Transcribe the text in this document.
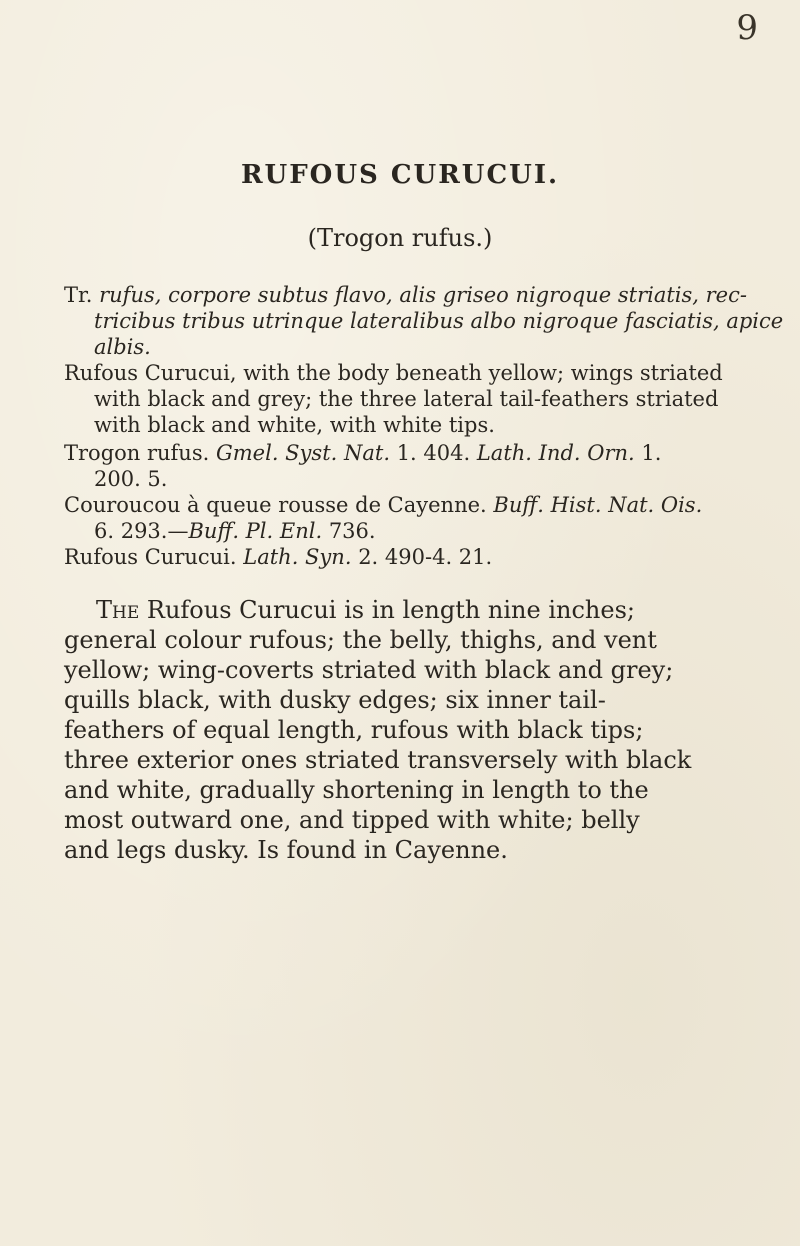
9
RUFOUS CURUCUI.
(Trogon rufus.)
Tr. rufus, corpore subtus flavo, alis griseo nigroque striatis, rec-
tricibus tribus utrinque lateralibus albo nigroque fasciatis, apice
albis.
Rufous Curucui, with the body beneath yellow; wings striated
with black and grey; the three lateral tail-feathers striated
with black and white, with white tips.
Trogon rufus. Gmel. Syst. Nat. 1. 404. Lath. Ind. Orn. 1.
200. 5.
Couroucou à queue rousse de Cayenne. Buff. Hist. Nat. Ois.
6. 293.—Buff. Pl. Enl. 736.
Rufous Curucui. Lath. Syn. 2. 490-4. 21.
The Rufous Curucui is in length nine inches;
general colour rufous; the belly, thighs, and vent
yellow; wing-coverts striated with black and grey;
quills black, with dusky edges; six inner tail-
feathers of equal length, rufous with black tips;
three exterior ones striated transversely with black
and white, gradually shortening in length to the
most outward one, and tipped with white; belly
and legs dusky. Is found in Cayenne.
